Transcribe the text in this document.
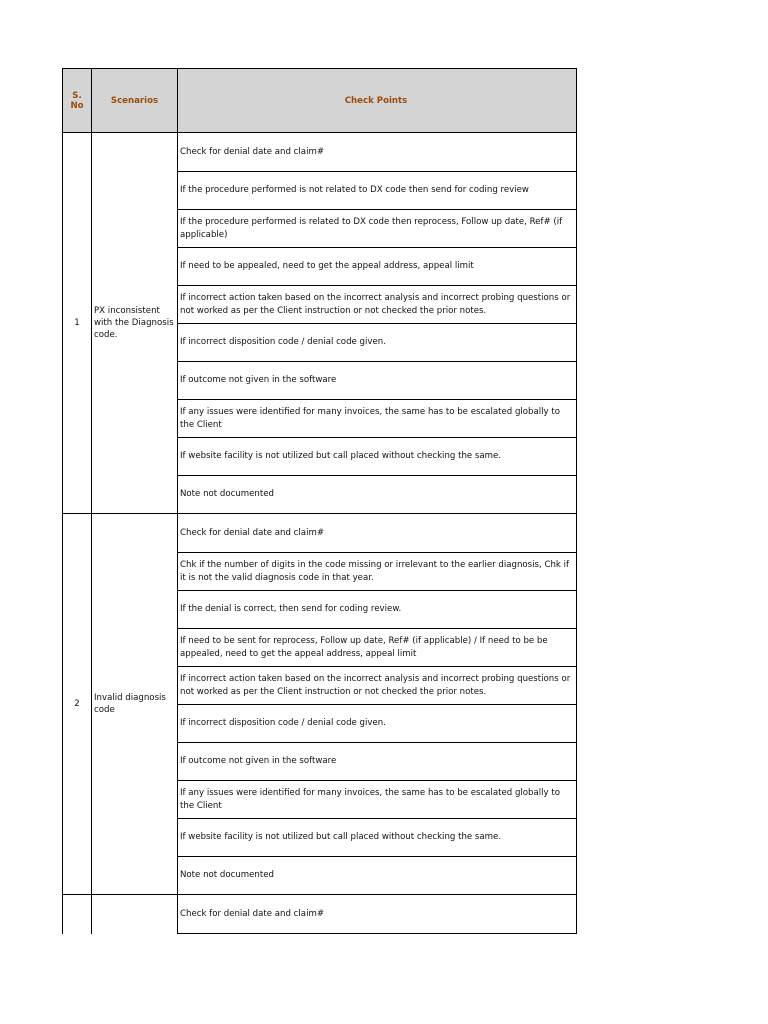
S. No	Scenarios	Check Points
1	PX inconsistent with the Diagnosis code.	Check for denial date and claim#
		If the procedure performed is not related to DX code then send for coding review
		If the procedure performed is related to DX code then reprocess, Follow up date, Ref# (if applicable)
		If need to be appealed, need to get the appeal address, appeal limit
		If incorrect action taken based on the incorrect analysis and incorrect probing questions or not worked as per the Client instruction or not checked the prior notes.
		If incorrect disposition code / denial code given.
		If outcome not given in the software
		If any issues were identified for many invoices, the same has to be escalated globally to the Client
		If website facility is not utilized but call placed without checking the same.
		Note not documented
2	Invalid diagnosis code	Check for denial date and claim#
		Chk if the number of digits in the code missing or irrelevant to the earlier diagnosis, Chk if it is not the valid diagnosis code in that year.
		If the denial is correct, then send for coding review.
		If need to be sent for reprocess, Follow up date, Ref# (if applicable) / If need to be be appealed, need to get the appeal address, appeal limit
		If incorrect action taken based on the incorrect analysis and incorrect probing questions or not worked as per the Client instruction or not checked the prior notes.
		If incorrect disposition code / denial code given.
		If outcome not given in the software
		If any issues were identified for many invoices, the same has to be escalated globally to the Client
		If website facility is not utilized but call placed without checking the same.
		Note not documented
		Check for denial date and claim#
